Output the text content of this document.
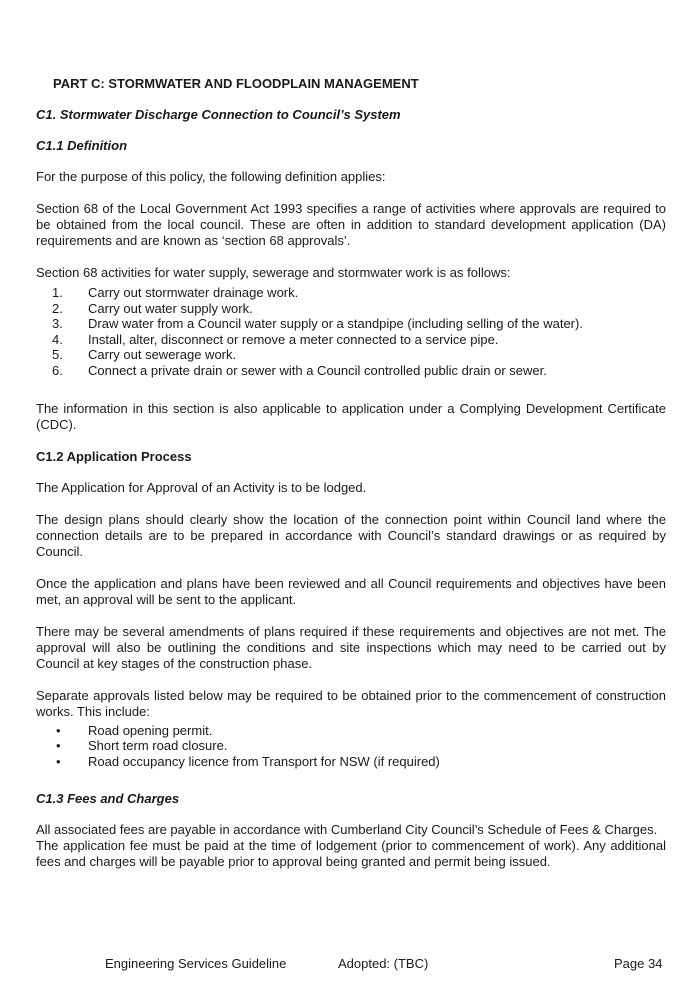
PART C: STORMWATER AND FLOODPLAIN MANAGEMENT
C1. Stormwater Discharge Connection to Council’s System
C1.1 Definition

For the purpose of this policy, the following definition applies:

Section 68 of the Local Government Act 1993 specifies a range of activities where approvals are required to be obtained from the local council. These are often in addition to standard development application (DA) requirements and are known as ‘section 68 approvals’.

Section 68 activities for water supply, sewerage and stormwater work is as follows:

1. Carry out stormwater drainage work.
2. Carry out water supply work.
3. Draw water from a Council water supply or a standpipe (including selling of the water).
4. Install, alter, disconnect or remove a meter connected to a service pipe.
5. Carry out sewerage work.
6. Connect a private drain or sewer with a Council controlled public drain or sewer.

The information in this section is also applicable to application under a Complying Development Certificate (CDC).

C1.2 Application Process

The Application for Approval of an Activity is to be lodged.

The design plans should clearly show the location of the connection point within Council land where the connection details are to be prepared in accordance with Council’s standard drawings or as required by Council.

Once the application and plans have been reviewed and all Council requirements and objectives have been met, an approval will be sent to the applicant.

There may be several amendments of plans required if these requirements and objectives are not met. The approval will also be outlining the conditions and site inspections which may need to be carried out by Council at key stages of the construction phase.

Separate approvals listed below may be required to be obtained prior to the commencement of construction works. This include:

• Road opening permit.
• Short term road closure.
• Road occupancy licence from Transport for NSW (if required)
C1.3 Fees and Charges

All associated fees are payable in accordance with Cumberland City Council’s Schedule of Fees & Charges.

The application fee must be paid at the time of lodgement (prior to commencement of work). Any additional fees and charges will be payable prior to approval being granted and permit being issued.

Engineering Services Guideline	Adopted: (TBC)	Page 34
